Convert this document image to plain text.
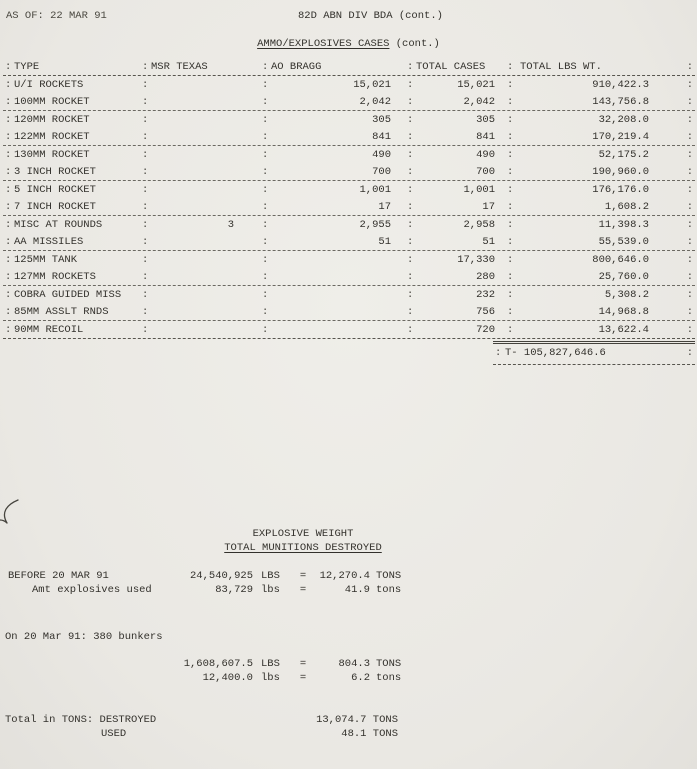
AS OF: 22 MAR 91	82D ABN DIV BDA (cont.)
AMMO/EXPLOSIVES CASES (cont.)
: TYPE	: MSR TEXAS	: AO BRAGG	: TOTAL CASES	: TOTAL LBS WT. :
: U/I ROCKETS :	: 15,021	: 15,021	: 910,422.3 :
: 100MM ROCKET :	: 2,042	: 2,042	: 143,756.8 :
: 120MM ROCKET :	: 305	: 305	: 32,208.0 :
: 122MM ROCKET :	: 841	: 841	: 170,219.4 :
: 130MM ROCKET :	: 490	: 490	: 52,175.2 :
: 3 INCH ROCKET :	: 700	: 700	: 190,960.0 :
: 5 INCH ROCKET :	: 1,001	: 1,001	: 176,176.0 :
: 7 INCH ROCKET :	: 17	: 17	: 1,608.2 :
: MISC AT ROUNDS	: 3	: 2,955	: 2,958	: 11,398.3 :
: AA MISSILES :	: 51	: 51	: 55,539.0 :
: 125MM TANK : :	: 17,330	: 800,646.0 :
: 127MM ROCKETS : :	: 280	: 25,760.0 :
: COBRA GUIDED MISS : :	: 232	: 5,308.2 :
: 85MM ASSLT RNDS : :	: 756	: 14,968.8 :
: 90MM RECOIL : :	: 720	: 13,622.4 :
: T- 105,827,646.6 :
EXPLOSIVE WEIGHT
TOTAL MUNITIONS DESTROYED
BEFORE 20 MAR 91	24,540,925 LBS	=	12,270.4 TONS
Amt explosives used	83,729 lbs	=	41.9 tons
On 20 Mar 91: 380 bunkers
1,608,607.5 LBS	=	804.3 TONS
12,400.0 lbs	=	6.2 tons
Total in TONS: DESTROYED	13,074.7 TONS
USED	48.1 TONS
